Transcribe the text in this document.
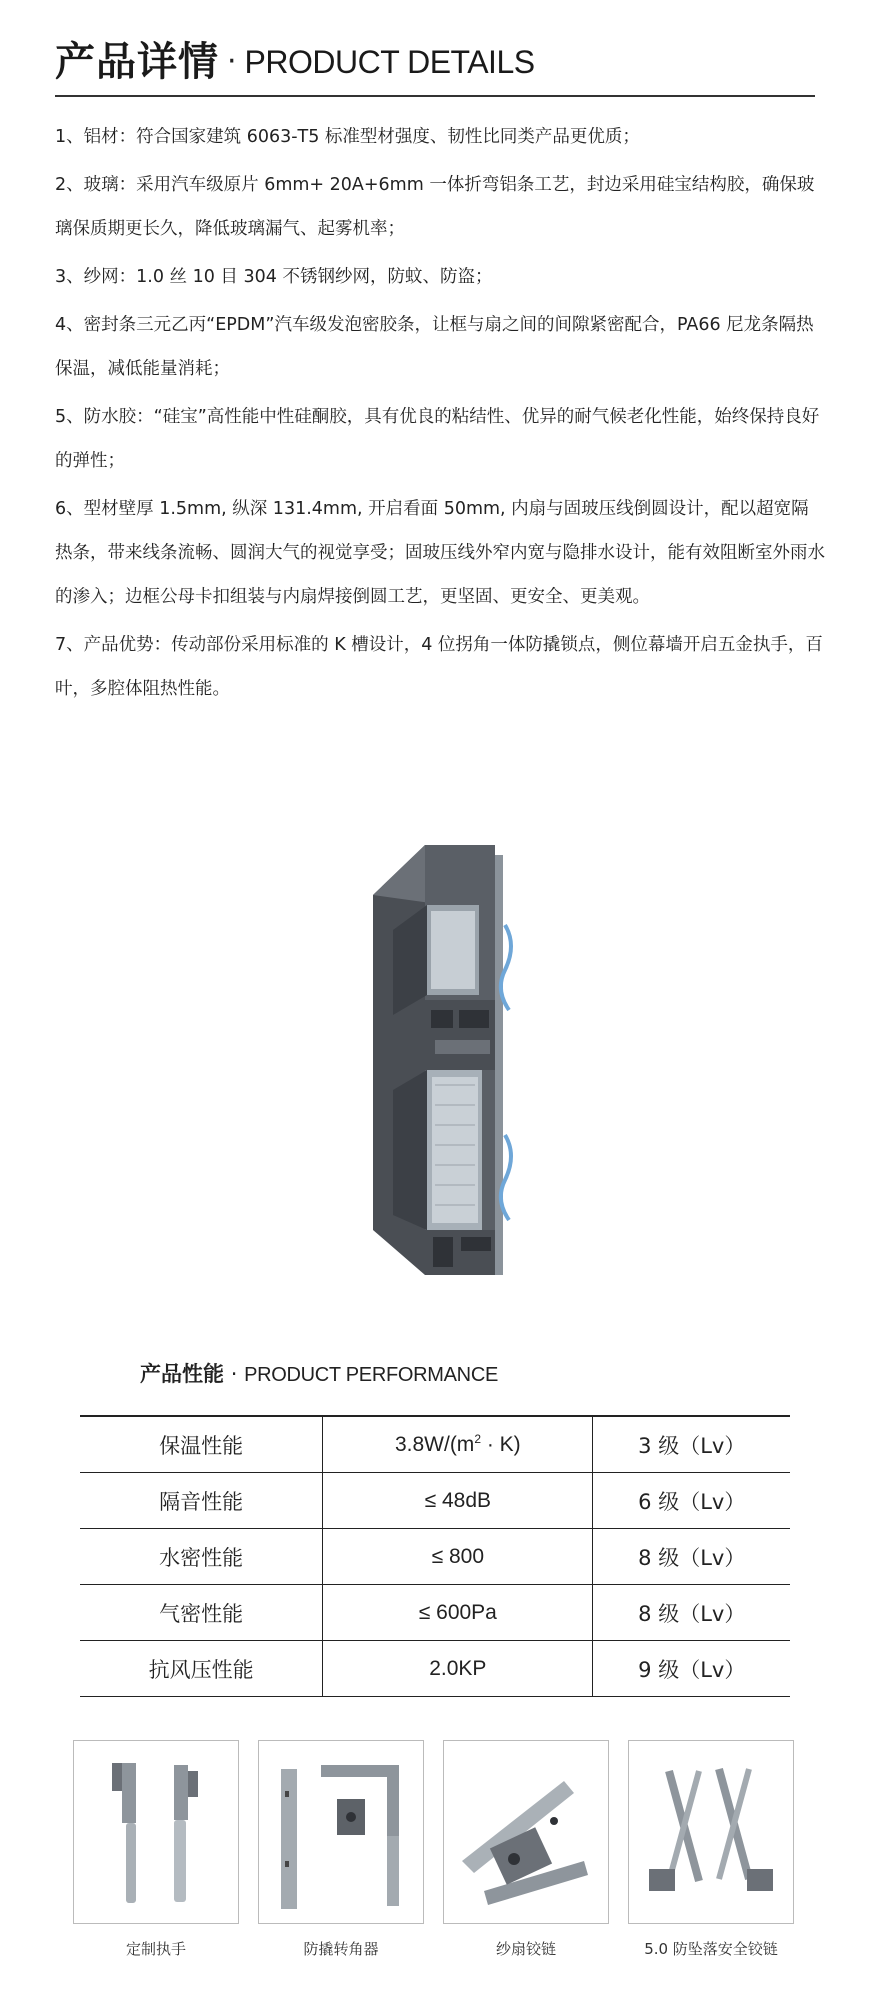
产品详情 · PRODUCT DETAILS

1、铝材：符合国家建筑 6063-T5 标准型材强度、韧性比同类产品更优质；

2、玻璃：采用汽车级原片 6mm+ 20A+6mm 一体折弯铝条工艺，封边采用硅宝结构胶，确保玻璃保质期更长久，降低玻璃漏气、起雾机率；

3、纱网：1.0 丝 10 目 304 不锈钢纱网，防蚊、防盗；

4、密封条三元乙丙“EPDM”汽车级发泡密胶条，让框与扇之间的间隙紧密配合，PA66 尼龙条隔热保温，减低能量消耗；

5、防水胶：“硅宝”高性能中性硅酮胶，具有优良的粘结性、优异的耐气候老化性能，始终保持良好的弹性；

6、型材壁厚 1.5mm, 纵深 131.4mm, 开启看面 50mm, 内扇与固玻压线倒圆设计，配以超宽隔热条，带来线条流畅、圆润大气的视觉享受；固玻压线外窄内宽与隐排水设计，能有效阻断室外雨水的渗入；边框公母卡扣组装与内扇焊接倒圆工艺，更坚固、更安全、更美观。

7、产品优势：传动部份采用标准的 K 槽设计，4 位拐角一体防撬锁点，侧位幕墙开启五金执手，百叶，多腔体阻热性能。

产品性能 · PRODUCT PERFORMANCE
保温性能	$3.8W/(m^2 \cdot K)$	3 级（Lv）
隔音性能	≤ 48dB	6 级（Lv）
水密性能	≤ 800	8 级（Lv）
气密性能	≤ 600Pa	8 级（Lv）
抗风压性能	2.0KP	9 级（Lv）
定制执手	防撬转角器	纱扇铰链	5.0 防坠落安全铰链
